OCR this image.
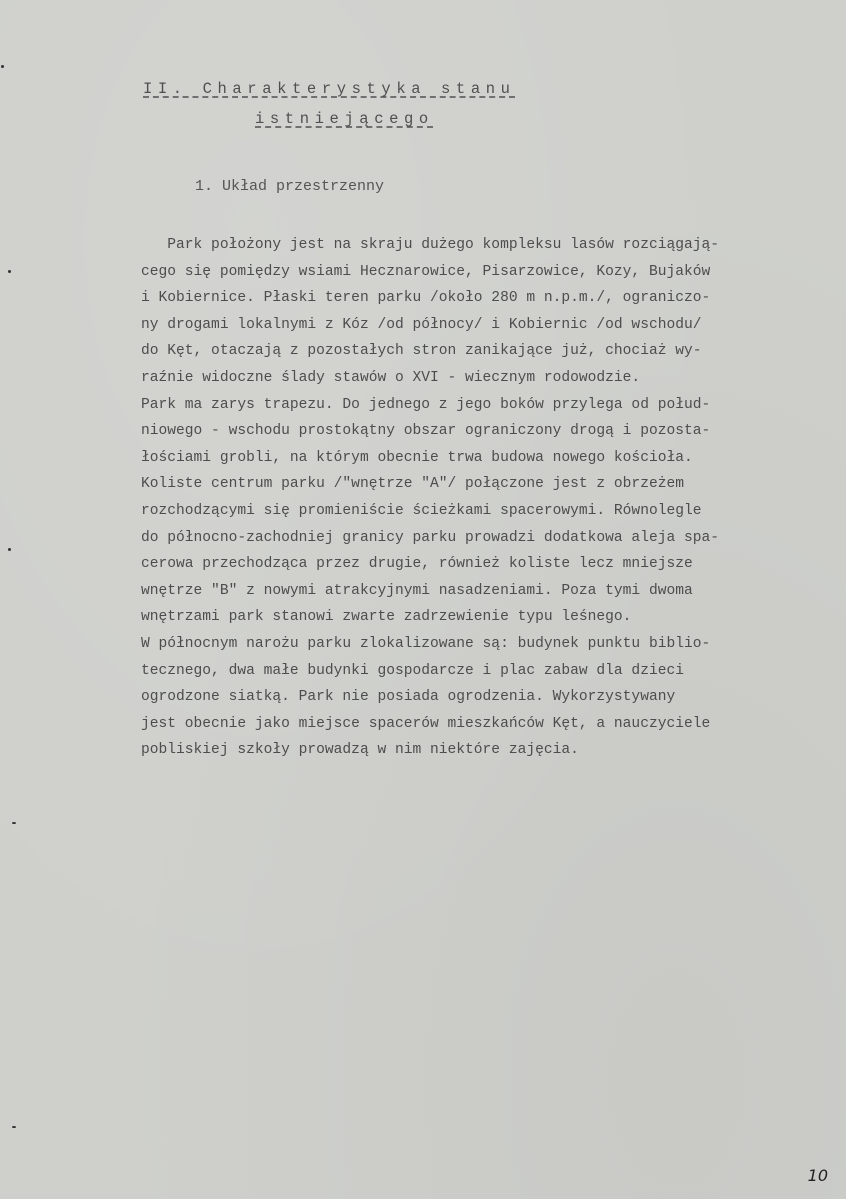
II. Charakterystyka stanu
istniejącego
1. Układ przestrzenny
Park położony jest na skraju dużego kompleksu lasów rozciągają-
cego się pomiędzy wsiami Hecznarowice, Pisarzowice, Kozy, Bujaków
i Kobiernice. Płaski teren parku /około 280 m n.p.m./, ograniczo-
ny drogami lokalnymi z Kóz /od północy/ i Kobiernic /od wschodu/
do Kęt, otaczają z pozostałych stron zanikające już, chociaż wy-
raźnie widoczne ślady stawów o XVI - wiecznym rodowodzie.
Park ma zarys trapezu. Do jednego z jego boków przylega od połud-
niowego - wschodu prostokątny obszar ograniczony drogą i pozosta-
łościami grobli, na którym obecnie trwa budowa nowego kościoła.
Koliste centrum parku /"wnętrze "A"/ połączone jest z obrzeżem
rozchodzącymi się promieniście ścieżkami spacerowymi. Równolegle
do północno-zachodniej granicy parku prowadzi dodatkowa aleja spa-
cerowa przechodząca przez drugie, również koliste lecz mniejsze
wnętrze "B" z nowymi atrakcyjnymi nasadzeniami. Poza tymi dwoma
wnętrzami park stanowi zwarte zadrzewienie typu leśnego.
W północnym narożu parku zlokalizowane są: budynek punktu biblio-
tecznego, dwa małe budynki gospodarcze i plac zabaw dla dzieci
ogrodzone siatką. Park nie posiada ogrodzenia. Wykorzystywany
jest obecnie jako miejsce spacerów mieszkańców Kęt, a nauczyciele
pobliskiej szkoły prowadzą w nim niektóre zajęcia.
10
